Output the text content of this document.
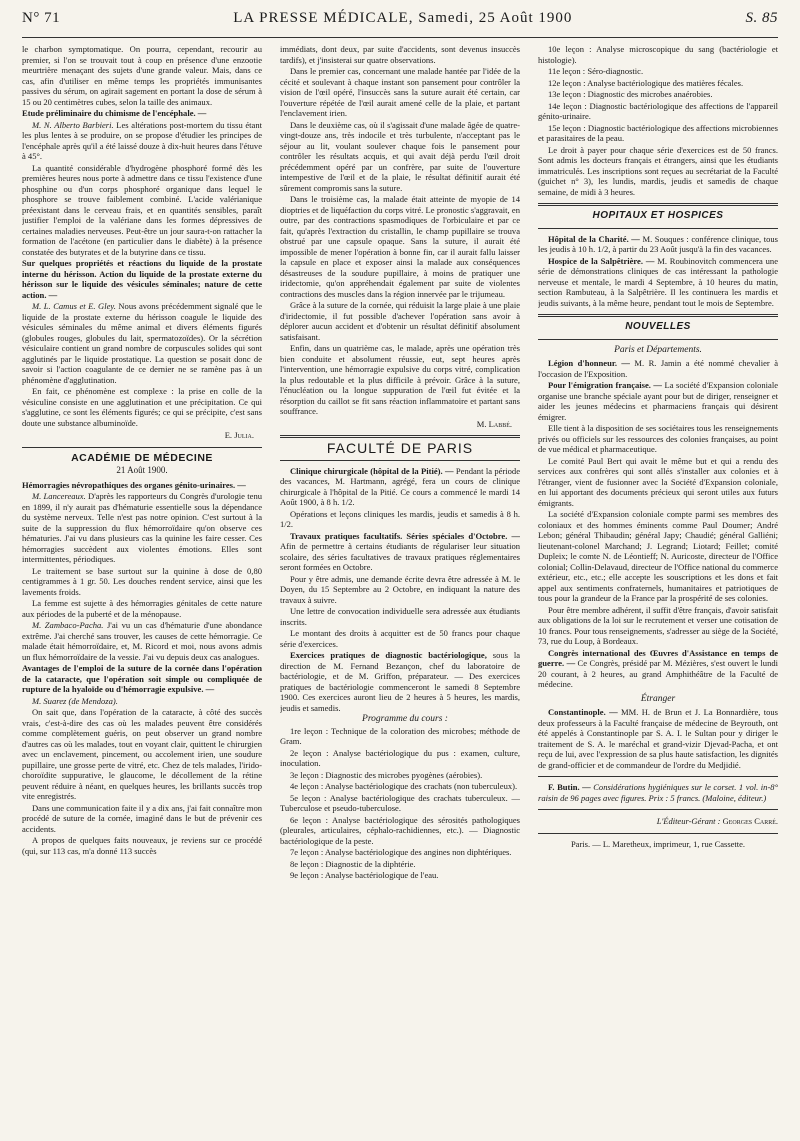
N° 71	LA PRESSE MÉDICALE, Samedi, 25 Août 1900	S. 85

le charbon symptomatique. On pourra, cependant, recourir au premier, si l'on se trouvait tout à coup en présence d'une enzootie meurtrière menaçant des sujets d'une grande valeur. Mais, dans ce cas, afin d'utiliser en même temps les propriétés immunisantes passives du sérum, on agirait sagement en portant la dose de sérum à 15 ou 20 centimètres cubes, selon la taille des animaux.

Etude préliminaire du chimisme de l'encéphale. —

M. N. Alberto Barbieri. Les altérations post-mortem du tissu étant les plus lentes à se produire, on se propose d'étudier les principes de l'encéphale après qu'il a été laissé douze à dix-huit heures dans l'étuve à 45°.

La quantité considérable d'hydrogène phosphoré formé dès les premières heures nous porte à admettre dans ce tissu l'existence d'une phosphine ou d'un corps phosphoré organique dans lequel le phosphore se trouve faiblement combiné. L'acide valérianique préexistant dans le cerveau frais, et en quantités sensibles, paraît justifier l'emploi de la valériane dans les formes dépressives de certaines maladies nerveuses. Peut-être un jour saura-t-on rattacher la formation de l'acétone (en particulier dans le diabète) à la présence constatée des butyrates et de la butyrine dans ce tissu.

Sur quelques propriétés et réactions du liquide de la prostate interne du hérisson. Action du liquide de la prostate externe du hérisson sur le liquide des vésicules séminales; nature de cette action. —

M. L. Camus et E. Gley. Nous avons précédemment signalé que le liquide de la prostate externe du hérisson coagule le liquide des vésicules séminales du même animal et divers éléments figurés (globules rouges, globules du lait, spermatozoïdes). Or la sécrétion vésiculaire contient un grand nombre de corpuscules solides qui sont agglutinés par le liquide prostatique. La question se posait donc de savoir si l'action coagulante de ce dernier ne se ramène pas à un phénomène d'agglutination.

En fait, ce phénomène est complexe : la prise en colle de la vésiculine consiste en une agglutination et une précipitation. Ce qui s'agglutine, ce sont les éléments figurés; ce qui se précipite, c'est sans doute une substance albuminoïde.

E. Julia.

ACADÉMIE DE MÉDECINE
21 Août 1900.

Hémorragies névropathiques des organes génito-urinaires. —

M. Lancereaux. D'après les rapporteurs du Congrès d'urologie tenu en 1899, il n'y aurait pas d'hématurie essentielle sous la dépendance du système nerveux. Telle n'est pas notre opinion. C'est surtout à la suite de la suppression du flux hémorroïdaire qu'on observe ces hématuries. J'ai vu dans plusieurs cas la quinine les faire cesser. Ces hémorragies succèdent aux violentes émotions. Elles sont intermittentes, périodiques.

Le traitement se base surtout sur la quinine à dose de 0,80 centigrammes à 1 gr. 50. Les douches rendent service, ainsi que les lavements froids.

La femme est sujette à des hémorragies génitales de cette nature aux périodes de la puberté et de la ménopause.

M. Zambaco-Pacha. J'ai vu un cas d'hématurie d'une abondance extrême. J'ai cherché sans trouver, les causes de cette hémorragie. Ce malade était hémorroïdaire, et, M. Ricord et moi, nous avons admis un flux hémorroïdaire de la vessie. J'ai vu depuis deux cas analogues.

Avantages de l'emploi de la suture de la cornée dans l'opération de la cataracte, que l'opération soit simple ou compliquée de rupture de la hyaloïde ou d'hémorragie expulsive. —

M. Suarez (de Mendoza).

On sait que, dans l'opération de la cataracte, à côté des succès vrais, c'est-à-dire des cas où les malades peuvent être considérés comme complètement guéris, on peut observer un grand nombre d'autres cas où les malades, tout en voyant clair, quittent le chirurgien avec un enclavement, pincement, ou accolement irien, une soudure pupillaire, une grosse perte de vitré, etc. Chez de tels malades, l'irido-choroïdite suppurative, le glaucome, le décollement de la rétine peuvent réduire à néant, en quelques heures, les brillants succès trop vite enregistrés.

Dans une communication faite il y a dix ans, j'ai fait connaître mon procédé de suture de la cornée, imaginé dans le but de prévenir ces accidents.

A propos de quelques faits nouveaux, je reviens sur ce procédé (qui, sur 113 cas, m'a donné 113 succès

immédiats, dont deux, par suite d'accidents, sont devenus insuccès tardifs), et j'insisterai sur quatre observations.

Dans le premier cas, concernant une malade hantée par l'idée de la cécité et soulevant à chaque instant son pansement pour contrôler la vision de l'œil opéré, l'insuccès sans la suture aurait été certain, car l'ouverture répétée de l'œil aurait amené celle de la plaie, et partant l'enclavement irien.

Dans le deuxième cas, où il s'agissait d'une malade âgée de quatre-vingt-douze ans, très indocile et très turbulente, n'acceptant pas le séjour au lit, voulant soulever chaque fois le pansement pour contrôler les résultats acquis, et qui avait déjà perdu l'œil droit précédemment opéré par un confrère, par suite de l'ouverture intempestive de l'œil et de la plaie, le résultat définitif aurait été sûrement compromis sans la suture.

Dans le troisième cas, la malade était atteinte de myopie de 14 dioptries et de liquéfaction du corps vitré. Le pronostic s'aggravait, en outre, par des contractions spasmodiques de l'orbiculaire et par ce fait, qu'après l'extraction du cristallin, le champ pupillaire se trouva obstrué par une capsule opaque. Sans la suture, il aurait été impossible de mener l'opération à bonne fin, car il aurait fallu laisser la capsule en place et exposer ainsi la malade aux conséquences désastreuses de la soudure pupillaire, à moins de pratiquer une iridectomie, qu'on appréhendait également par suite de violentes contractions des muscles dans la région innervée par le trijumeau.

Grâce à la suture de la cornée, qui réduisit la large plaie à une plaie d'iridectomie, il fut possible d'achever l'opération sans avoir à déplorer aucun accident et d'obtenir un résultat définitif absolument satisfaisant.

Enfin, dans un quatrième cas, le malade, après une opération très bien conduite et absolument réussie, eut, sept heures après l'intervention, une hémorragie expulsive du corps vitré, complication la plus redoutable et la plus difficile à prévoir. Grâce à la suture, l'énucléation ou la longue suppuration de l'œil fut évitée et la résorption du caillot se fit sans réaction inflammatoire et partant sans souffrance.

M. Labbé.

FACULTÉ DE PARIS

Clinique chirurgicale (hôpital de la Pitié). — Pendant la période des vacances, M. Hartmann, agrégé, fera un cours de clinique chirurgicale à l'hôpital de la Pitié. Ce cours a commencé le mardi 14 Août 1900, à 8 h. 1/2.

Opérations et leçons cliniques les mardis, jeudis et samedis à 8 h. 1/2.

Travaux pratiques facultatifs. Séries spéciales d'Octobre. — Afin de permettre à certains étudiants de régulariser leur situation scolaire, des séries facultatives de travaux pratiques réglementaires seront formées en Octobre.

Pour y être admis, une demande écrite devra être adressée à M. le Doyen, du 15 Septembre au 2 Octobre, en indiquant la nature des travaux à suivre.

Une lettre de convocation individuelle sera adressée aux étudiants inscrits.

Le montant des droits à acquitter est de 50 francs pour chaque série d'exercices.

Exercices pratiques de diagnostic bactériologique, sous la direction de M. Fernand Bezançon, chef du laboratoire de bactériologie, et de M. Griffon, préparateur. — Des exercices pratiques de bactériologie commenceront le samedi 8 Septembre 1900. Ces exercices auront lieu de 2 heures à 5 heures, les mardis, jeudis et samedis.

Programme du cours :

1re leçon : Technique de la coloration des microbes; méthode de Gram.

2e leçon : Analyse bactériologique du pus : examen, culture, inoculation.

3e leçon : Diagnostic des microbes pyogènes (aérobies).

4e leçon : Analyse bactériologique des crachats (non tuberculeux).

5e leçon : Analyse bactériologique des crachats tuberculeux. — Tuberculose et pseudo-tuberculose.

6e leçon : Analyse bactériologique des sérosités pathologiques (pleurales, articulaires, céphalo-rachidiennes, etc.). — Diagnostic bactériologique de la peste.

7e leçon : Analyse bactériologique des angines non diphtériques.

8e leçon : Diagnostic de la diphtérie.

9e leçon : Analyse bactériologique de l'eau.

10e leçon : Analyse microscopique du sang (bactériologie et histologie).

11e leçon : Séro-diagnostic.

12e leçon : Analyse bactériologique des matières fécales.

13e leçon : Diagnostic des microbes anaérobies.

14e leçon : Diagnostic bactériologique des affections de l'appareil génito-urinaire.

15e leçon : Diagnostic bactériologique des affections microbiennes et parasitaires de la peau.

Le droit à payer pour chaque série d'exercices est de 50 francs. Sont admis les docteurs français et étrangers, ainsi que les étudiants immatriculés. Les inscriptions sont reçues au secrétariat de la Faculté (guichet n° 3), les lundis, mardis, jeudis et samedis de chaque semaine, de midi à 3 heures.

HOPITAUX ET HOSPICES

Hôpital de la Charité. — M. Souques : conférence clinique, tous les jeudis à 10 h. 1/2, à partir du 23 Août jusqu'à la fin des vacances.

Hospice de la Salpêtrière. — M. Roubinovitch commencera une série de démonstrations cliniques de cas intéressant la pathologie nerveuse et mentale, le mardi 4 Septembre, à 10 heures du matin, section Rambuteau, à la Salpêtrière. Il les continuera les mardis et jeudis suivants, à la même heure, pendant tout le mois de Septembre.

NOUVELLES
Paris et Départements.

Légion d'honneur. — M. R. Jamin a été nommé chevalier à l'occasion de l'Exposition.

Pour l'émigration française. — La société d'Expansion coloniale organise une branche spéciale ayant pour but de diriger, renseigner et aider les jeunes médecins et pharmaciens français qui désirent émigrer.

Elle tient à la disposition de ses sociétaires tous les renseignements privés ou officiels sur les ressources des colonies françaises, au point de vue médical et pharmaceutique.

Le comité Paul Bert qui avait le même but et qui a rendu des services aux confrères qui sont allés s'installer aux colonies et à l'étranger, vient de fusionner avec la Société d'Expansion coloniale, en lui apportant des documents précieux qui seront utiles aux futurs émigrants.

La société d'Expansion coloniale compte parmi ses membres des coloniaux et des hommes éminents comme Paul Doumer; André Lebon; général Thibaudin; général Japy; Chaudié; général Galliéni; lieutenant-colonel Marchand; J. Legrand; Liotard; Feillet; comité Dupleix; le comte N. de Léontieff; N. Auricoste, directeur de l'Office colonial; Collin-Delavaud, directeur de l'Office national du commerce extérieur, etc., etc.; elle accepte les souscriptions et les dons et fait appel aux sentiments confraternels, humanitaires et patriotiques de tous pour la grandeur de la France par la prospérité de ses colonies.

Pour être membre adhérent, il suffit d'être français, d'avoir satisfait aux obligations de la loi sur le recrutement et verser une cotisation de 10 francs. Pour tous renseignements, s'adresser au siège de la Société, 73, rue du Loup, à Bordeaux.

Congrès international des Œuvres d'Assistance en temps de guerre. — Ce Congrès, présidé par M. Mézières, s'est ouvert le lundi 20 courant, à 2 heures, au grand Amphithéâtre de la Faculté de médecine.

Étranger

Constantinople. — MM. H. de Brun et J. La Bonnardière, tous deux professeurs à la Faculté française de médecine de Beyrouth, ont été appelés à Constantinople par S. A. I. le Sultan pour y diriger le traitement de S. A. le maréchal et grand-vizir Djevad-Pacha, et ont reçu de lui, avec l'expression de sa plus haute satisfaction, les dignités de grand-officier et de commandeur de l'ordre du Medjidié.

F. Butin. — Considérations hygiéniques sur le corset. 1 vol. in-8° raisin de 96 pages avec figures. Prix : 5 francs. (Maloine, éditeur.)

L'Éditeur-Gérant : Georges Carré.
Paris. — L. Maretheux, imprimeur, 1, rue Cassette.
